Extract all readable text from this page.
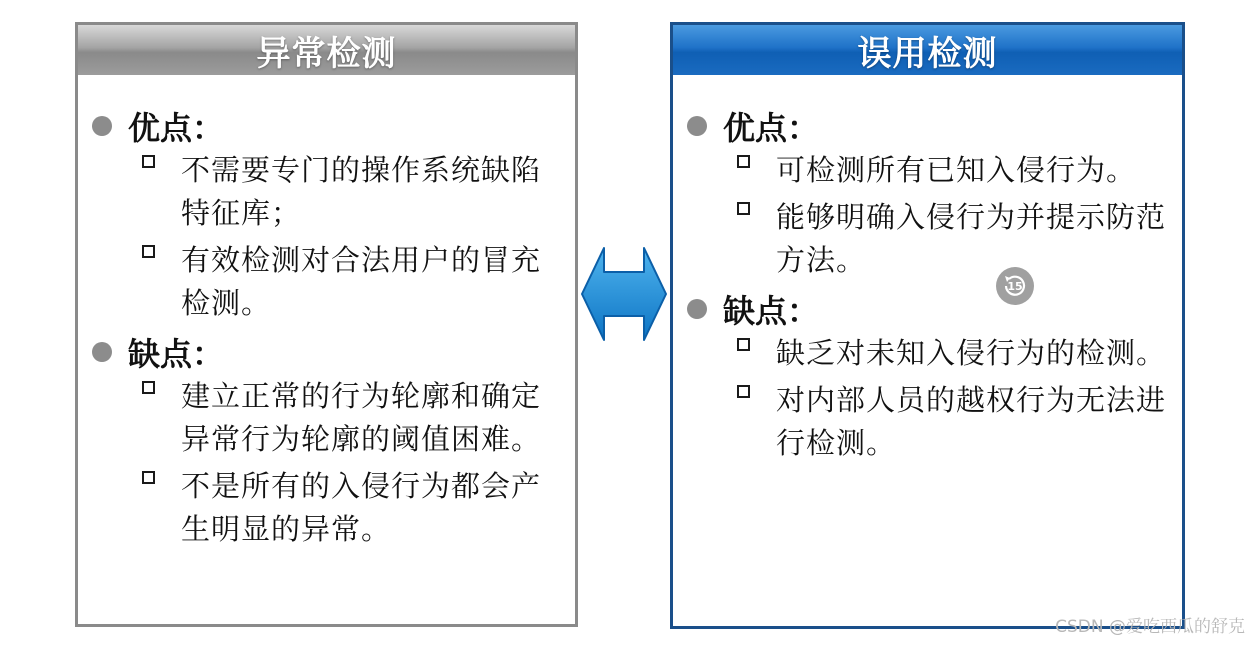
异常检测
优点：
不需要专门的操作系统缺陷特征库；
有效检测对合法用户的冒充检测。
缺点：
建立正常的行为轮廓和确定异常行为轮廓的阈值困难。
不是所有的入侵行为都会产生明显的异常。
误用检测
优点：
可检测所有已知入侵行为。
能够明确入侵行为并提示防范方法。
缺点：
缺乏对未知入侵行为的检测。
对内部人员的越权行为无法进行检测。
15
CSDN @爱吃西瓜的舒克
